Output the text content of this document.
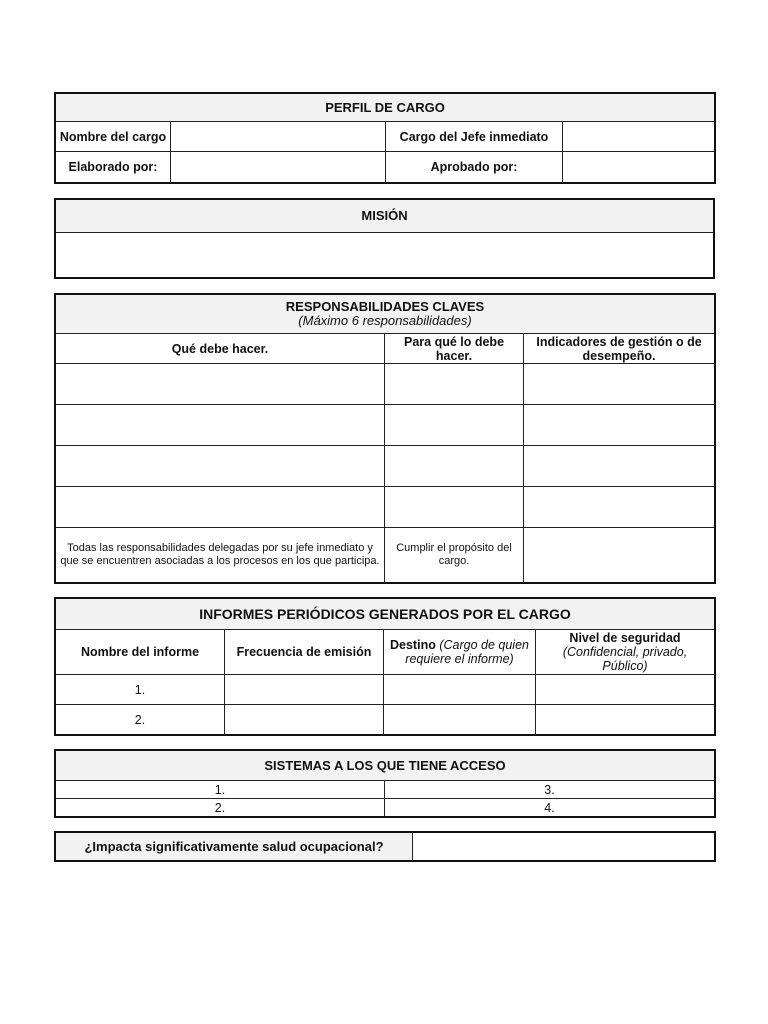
PERFIL DE CARGO			
Nombre del cargo		Cargo del Jefe inmediato	
Elaborado por:		Aprobado por:	
MISIÓN

RESPONSABILIDADES CLAVES
(Máximo 6 responsabilidades)		

Qué debe hacer.	Para qué lo debe hacer.	Indicadores de gestión o de desempeño.

Todas las responsabilidades delegadas por su jefe inmediato y que se encuentren asociadas a los procesos en los que participa.	Cumplir el propósito del cargo.	
INFORMES PERIÓDICOS GENERADOS POR EL CARGO			
Nombre del informe	Frecuencia de emisión	Destino (Cargo de quien requiere el informe)	Nivel de seguridad
(Confidencial, privado, Público)

1.			
2.			
SISTEMAS A LOS QUE TIENE ACCESO	
1.	3.
2.	4.
¿Impacta significativamente salud ocupacional?	
